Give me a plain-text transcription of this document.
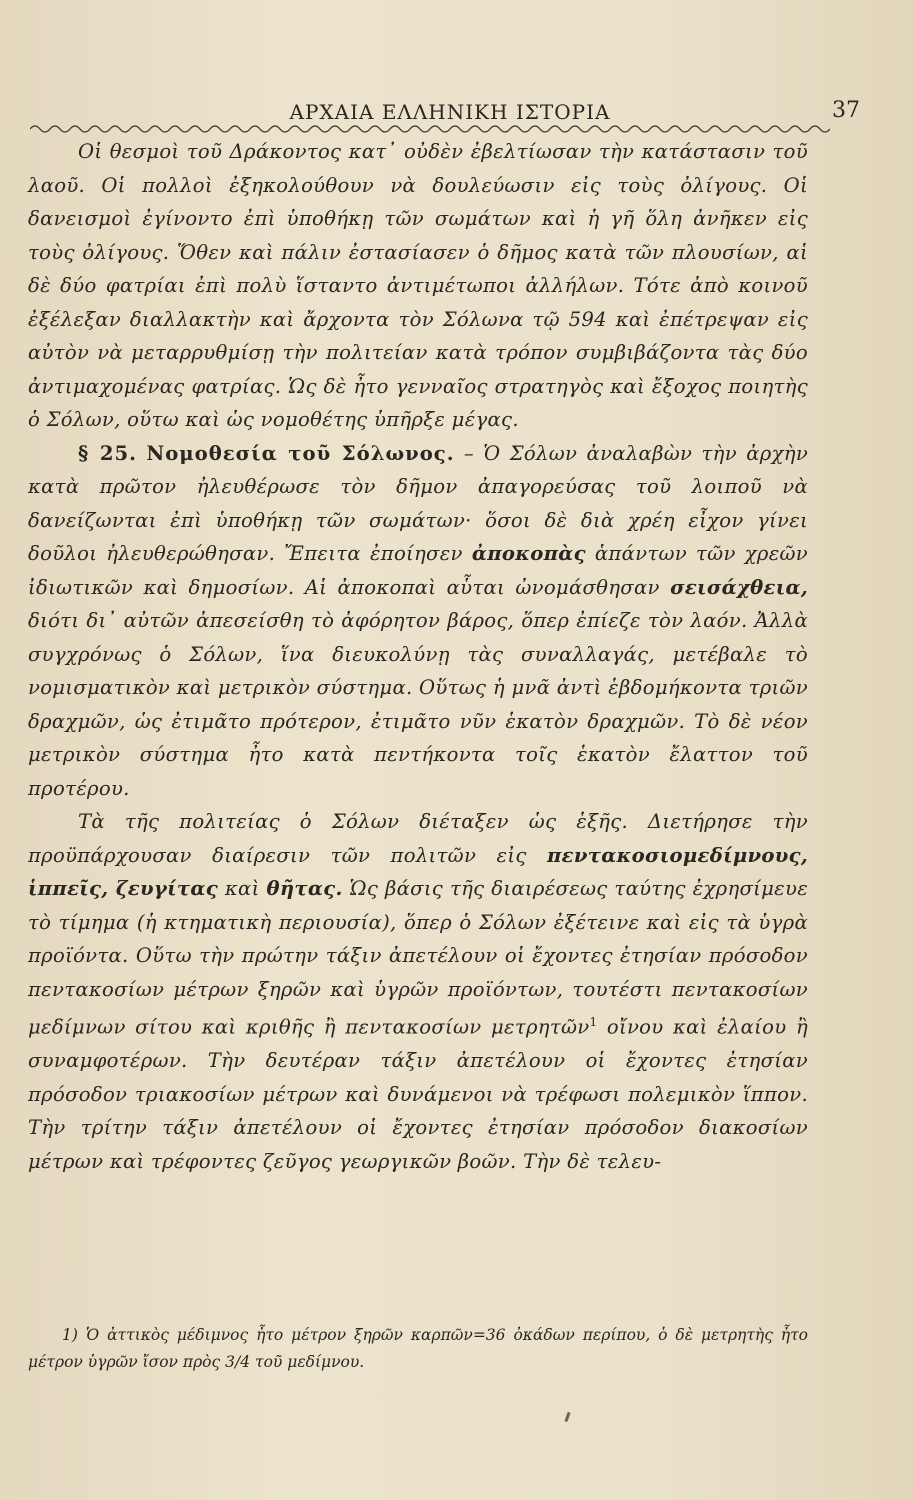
ΑΡΧΑΙΑ ΕΛΛΗΝΙΚΗ ΙΣΤΟΡΙΑ	37

Οἱ θεσμοὶ τοῦ Δράκοντος κατ᾿ οὐδὲν ἐβελτίωσαν τὴν κατάστασιν τοῦ λαοῦ. Οἱ πολλοὶ ἐξηκολούθουν νὰ δουλεύωσιν εἰς τοὺς ὀλίγους. Οἱ δανεισμοὶ ἐγίνοντο ἐπὶ ὑποθήκῃ τῶν σωμάτων καὶ ἡ γῆ ὅλη ἀνῆκεν εἰς τοὺς ὀλίγους. Ὅθεν καὶ πάλιν ἐστασίασεν ὁ δῆμος κατὰ τῶν πλουσίων, αἱ δὲ δύο φατρίαι ἐπὶ πολὺ ἵσταντο ἀντιμέτωποι ἀλλήλων. Τότε ἀπὸ κοινοῦ ἐξέλεξαν διαλλακτὴν καὶ ἄρχοντα τὸν Σόλωνα τῷ 594 καὶ ἐπέτρεψαν εἰς αὐτὸν νὰ μεταρρυθμίσῃ τὴν πολιτείαν κατὰ τρόπον συμβιβάζοντα τὰς δύο ἀντιμαχομένας φατρίας. Ὡς δὲ ἦτο γενναῖος στρατηγὸς καὶ ἔξοχος ποιητὴς ὁ Σόλων, οὕτω καὶ ὡς νομοθέτης ὑπῆρξε μέγας.

§ 25. Νομοθεσία τοῦ Σόλωνος. – Ὁ Σόλων ἀναλαβὼν τὴν ἀρχὴν κατὰ πρῶτον ἠλευθέρωσε τὸν δῆμον ἀπαγορεύσας τοῦ λοιποῦ νὰ δανείζωνται ἐπὶ ὑποθήκῃ τῶν σωμάτων· ὅσοι δὲ διὰ χρέη εἶχον γίνει δοῦλοι ἠλευθερώθησαν. Ἔπειτα ἐποίησεν ἀποκοπὰς ἁπάντων τῶν χρεῶν ἰδιωτικῶν καὶ δημοσίων. Αἱ ἀποκοπαὶ αὗται ὠνομάσθησαν σεισάχθεια, διότι δι᾿ αὐτῶν ἀπεσείσθη τὸ ἀφόρητον βάρος, ὅπερ ἐπίεζε τὸν λαόν. Ἀλλὰ συγχρόνως ὁ Σόλων, ἵνα διευκολύνῃ τὰς συναλλαγάς, μετέβαλε τὸ νομισματικὸν καὶ μετρικὸν σύστημα. Οὕτως ἡ μνᾶ ἀντὶ ἑβδομήκοντα τριῶν δραχμῶν, ὡς ἐτιμᾶτο πρότερον, ἐτιμᾶτο νῦν ἑκατὸν δραχμῶν. Τὸ δὲ νέον μετρικὸν σύστημα ἦτο κατὰ πεντήκοντα τοῖς ἑκατὸν ἔλαττον τοῦ προτέρου.

Τὰ τῆς πολιτείας ὁ Σόλων διέταξεν ὡς ἑξῆς. Διετήρησε τὴν προϋπάρχουσαν διαίρεσιν τῶν πολιτῶν εἰς πεντακοσιομεδίμνους, ἱππεῖς, ζευγίτας καὶ θῆτας. Ὡς βάσις τῆς διαιρέσεως ταύτης ἐχρησίμευε τὸ τίμημα (ἡ κτηματικὴ περιουσία), ὅπερ ὁ Σόλων ἐξέτεινε καὶ εἰς τὰ ὑγρὰ προϊόντα. Οὕτω τὴν πρώτην τάξιν ἀπετέλουν οἱ ἔχοντες ἐτησίαν πρόσοδον πεντακοσίων μέτρων ξηρῶν καὶ ὑγρῶν προϊόντων, τουτέστι πεντακοσίων μεδίμνων σίτου καὶ κριθῆς ἢ πεντακοσίων μετρητῶν$^1$ οἴνου καὶ ἐλαίου ἢ συναμφοτέρων. Τὴν δευτέραν τάξιν ἀπετέλουν οἱ ἔχοντες ἐτησίαν πρόσοδον τριακοσίων μέτρων καὶ δυνάμενοι νὰ τρέφωσι πολεμικὸν ἵππον. Τὴν τρίτην τάξιν ἀπετέλουν οἱ ἔχοντες ἐτησίαν πρόσοδον διακοσίων μέτρων καὶ τρέφοντες ζεῦγος γεωργικῶν βοῶν. Τὴν δὲ τελευ-

1) Ὁ ἀττικὸς μέδιμνος ἦτο μέτρον ξηρῶν καρπῶν=36 ὀκάδων περίπου, ὁ δὲ μετρητὴς ἦτο μέτρον ὑγρῶν ἴσον πρὸς 3/4 τοῦ μεδίμνου.
